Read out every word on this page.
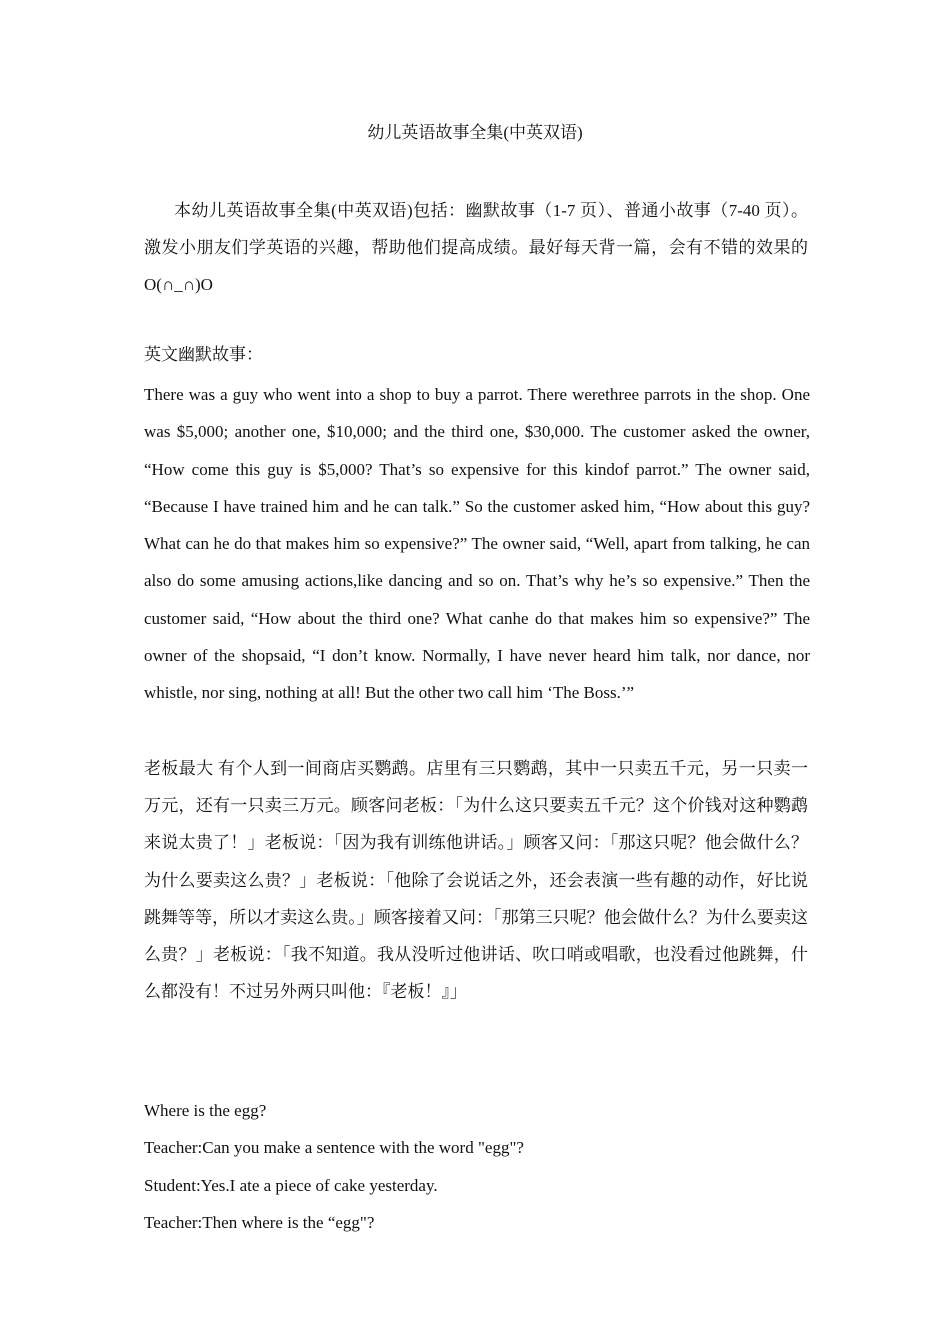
幼儿英语故事全集(中英双语)
本幼儿英语故事全集(中英双语)包括：幽默故事（1-7 页）、普通小故事（7-40 页）。激发小朋友们学英语的兴趣，帮助他们提高成绩。最好每天背一篇，会有不错的效果的 O(∩_∩)O
英文幽默故事：
There was a guy who went into a shop to buy a parrot. There werethree parrots in the shop. One was $5,000; another one, $10,000; and the third one, $30,000. The customer asked the owner, “How come this guy is $5,000? That’s so expensive for this kindof parrot.” The owner said, “Because I have trained him and he can talk.” So the customer asked him, “How about this guy? What can he do that makes him so expensive?” The owner said, “Well, apart from talking, he can also do some amusing actions,like dancing and so on. That’s why he’s so expensive.” Then the customer said, “How about the third one? What canhe do that makes him so expensive?” The owner of the shopsaid, “I don’t know. Normally, I have never heard him talk, nor dance, nor whistle, nor sing, nothing at all! But the other two call him ‘The Boss.’”
老板最大 有个人到一间商店买鹦鹉。店里有三只鹦鹉，其中一只卖五千元，另一只卖一万元，还有一只卖三万元。顾客问老板：「为什么这只要卖五千元？这个价钱对这种鹦鹉来说太贵了！」老板说：「因为我有训练他讲话。」顾客又问：「那这只呢？他会做什么？为什么要卖这么贵？」老板说：「他除了会说话之外，还会表演一些有趣的动作，好比说跳舞等等，所以才卖这么贵。」顾客接着又问：「那第三只呢？他会做什么？为什么要卖这么贵？」老板说：「我不知道。我从没听过他讲话、吹口哨或唱歌，也没看过他跳舞，什么都没有！不过另外两只叫他：『老板！』」

Where is the egg?

Teacher:Can you make a sentence with the word "egg"?

Student:Yes.I ate a piece of cake yesterday.

Teacher:Then where is the “egg"?
